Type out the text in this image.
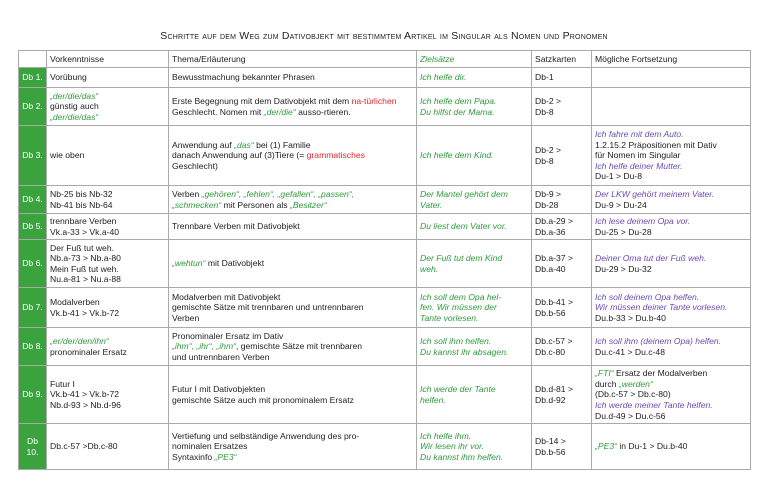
Schritte auf dem Weg zum Dativobjekt mit bestimmtem Artikel im Singular als Nomen und Pronomen
	Vorkenntnisse	Thema/Erläuterung	Zielsätze	Satzkarten	Mögliche Fortsetzung
Db 1.	Vorübung	Bewusstmachung bekannter Phrasen	Ich helfe dir.	Db-1	
Db 2.	„der/die/das“
günstig auch
„der/die/das“	Erste Begegnung mit dem Dativobjekt mit dem na-türlichen Geschlecht. Nomen mit „der/die“ ausso-rtieren.	Ich helfe dem Papa.
Du hilfst der Mama.	Db-2 >
Db-8	

Db 3.	wie oben	Anwendung auf „das“ bei (1) Familie
danach Anwendung auf (3)Tiere (= grammatisches
Geschlecht)	Ich helfe dem Kind.	Db-2 >
Db-8	Ich fahre mit dem Auto.
1.2.15.2 Präpositionen mit Dativ
für Nomen im Singular
Ich helfe deiner Mutter.
Du-1 > Du-8

Db 4.	Nb-25 bis Nb-32
Nb-41 bis Nb-64	Verben „gehören“, „fehlen“, „gefallen“, „passen“,
„schmecken“ mit Personen als „Besitzer“	Der Mantel gehört dem
Vater.	Db-9 >
Db-28	Der LKW gehört meinem Vater.
Du-9 > Du-24

Db 5.	trennbare Verben
Vk.a-33 > Vk.a-40	Trennbare Verben mit Dativobjekt	Du liest dem Vater vor.	Db.a-29 >
Db.a-36	Ich lese deinem Opa vor.
Du-25 > Du-28

Db 6.	Der Fuß tut weh.
Nb.a-73 > Nb.a-80
Mein Fuß tut weh.
Nu.a-81 > Nu.a-88	„wehtun“ mit Dativobjekt	Der Fuß tut dem Kind
weh.	Db.a-37 >
Db.a-40	Deiner Oma tut der Fuß weh.
Du-29 > Du-32

Db 7.	Modalverben
Vk.b-41 > Vk.b-72	Modalverben mit Dativobjekt
gemischte Sätze mit trennbaren und untrennbaren
Verben	Ich soll dem Opa hel-
fen. Wir müssen der
Tante vorlesen.	Db.b-41 >
Db.b-56	Ich soll deinem Opa helfen.
Wir müssen deiner Tante vorlesen.
Du.b-33 > Du.b-40

Db 8.	„er/der/den/ihn“
pronominaler Ersatz	Pronominaler Ersatz im Dativ
„ihm“, „ihr“, „ihm“, gemischte Sätze mit trennbaren
und untrennbaren Verben	Ich soll ihm helfen.
Du kannst ihr absagen.	Db.c-57 >
Db.c-80	Ich soll ihm (deinem Opa) helfen.
Du.c-41 > Du.c-48

Db 9.	Futur I
Vk.b-41 > Vk.b-72
Nb.d-93 > Nb.d-96	Futur I mit Dativobjekten
gemischte Sätze auch mit pronominalem Ersatz	Ich werde der Tante
helfen.	Db.d-81 >
Db.d-92	„FTI“ Ersatz der Modalverben
durch „werden“
(Db.c-57 > Db.c-80)
Ich werde meiner Tante helfen.
Du.d-49 > Du.c-56

Db
10.	Db.c-57 >Db.c-80	Vertiefung und selbständige Anwendung des pro-
nominalen Ersatzes
Syntaxinfo „PE3“	Ich helfe ihm.
Wir lesen ihr vor.
Du kannst ihm helfen.	Db-14 >
Db.b-56	„PE3“ in Du-1 > Du.b-40
